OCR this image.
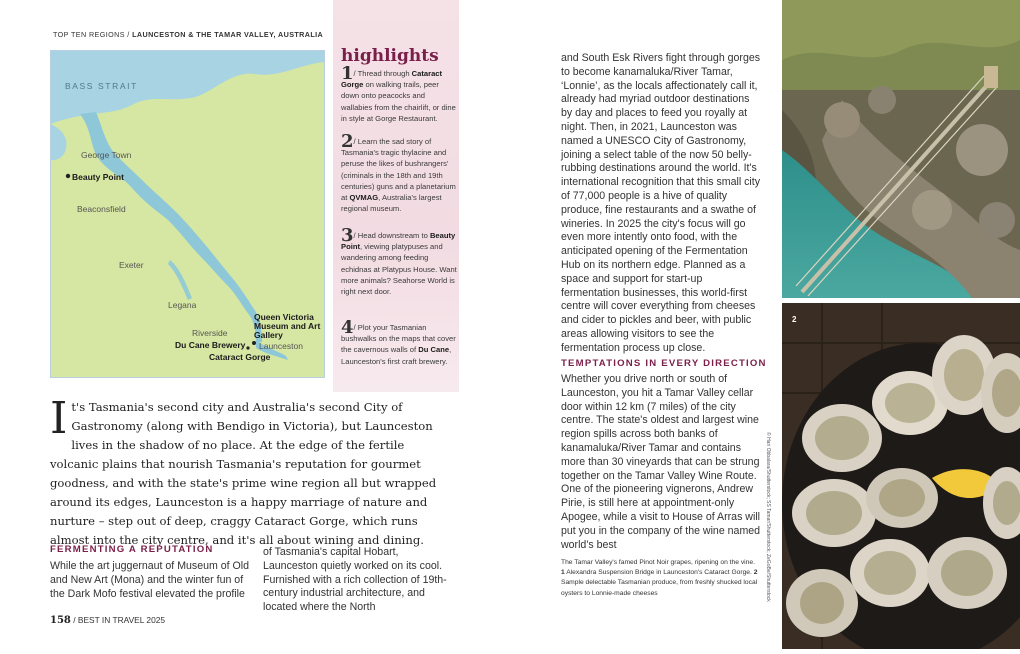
TOP TEN REGIONS / LAUNCESTON & THE TAMAR VALLEY, AUSTRALIA
BASS STRAIT
George Town
Beauty Point
Beaconsfield
Exeter
Legana
Riverside
Queen Victoria Museum and Art Gallery
Du Cane Brewery Launceston
Cataract Gorge
highlights
1/ Thread through Cataract Gorge on walking trails, peer down onto peacocks and wallabies from the chairlift, or dine in style at Gorge Restaurant.
2/ Learn the sad story of Tasmania's tragic thylacine and peruse the likes of bushrangers' (criminals in the 18th and 19th centuries) guns and a planetarium at QVMAG, Australia's largest regional museum.
3/ Head downstream to Beauty Point, viewing platypuses and wandering among feeding echidnas at Platypus House. Want more animals? Seahorse World is right next door.
4/ Plot your Tasmanian bushwalks on the maps that cover the cavernous walls of Du Cane, Launceston's first craft brewery.
It's Tasmania's second city and Australia's second City of Gastronomy (along with Bendigo in Victoria), but Launceston lives in the shadow of no place. At the edge of the fertile volcanic plains that nourish Tasmania's reputation for gourmet goodness, and with the state's prime wine region all but wrapped around its edges, Launceston is a happy marriage of nature and nurture – step out of deep, craggy Cataract Gorge, which runs almost into the city centre, and it's all about wining and dining.
FERMENTING A REPUTATION
While the art juggernaut of Museum of Old and New Art (Mona) and the winter fun of the Dark Mofo festival elevated the profile
of Tasmania's capital Hobart, Launceston quietly worked on its cool. Furnished with a rich collection of 19th-century industrial architecture, and located where the North
and South Esk Rivers fight through gorges to become kanamaluka/River Tamar, ‘Lonnie’, as the locals affectionately call it, already had myriad outdoor destinations by day and places to feed you royally at night. Then, in 2021, Launceston was named a UNESCO City of Gastronomy, joining a select table of the now 50 belly-rubbing destinations around the world. It's international recognition that this small city of 77,000 people is a hive of quality produce, fine restaurants and a swathe of wineries. In 2025 the city's focus will go even more intently onto food, with the anticipated opening of the Fermentation Hub on its northern edge. Planned as a space and support for start-up fermentation businesses, this world-first centre will cover everything from cheeses and cider to pickles and beer, with public areas allowing visitors to see the fermentation process up close.
TEMPTATIONS IN EVERY DIRECTION
Whether you drive north or south of Launceston, you hit a Tamar Valley cellar door within 12 km (7 miles) of the city centre. The state's oldest and largest wine region spills across both banks of kanamaluka/River Tamar and contains more than 30 vineyards that can be strung together on the Tamar Valley Wine Route. One of the pioneering vignerons, Andrew Pirie, is still here at appointment-only Apogee, while a visit to House of Arras will put you in the company of the wine named world's best
The Tamar Valley's famed Pinot Noir grapes, ripening on the vine. 1 Alexandra Suspension Bridge in Launceston's Cataract Gorge. 2 Sample delectable Tasmanian produce, from freshly shucked local oysters to Lonnie-made cheeses	© Hari Obbalara/Shutterstock; SS Tamar/Shutterstock; ZeGoBe/Shutterstock
158 / BEST IN TRAVEL 2025
2
